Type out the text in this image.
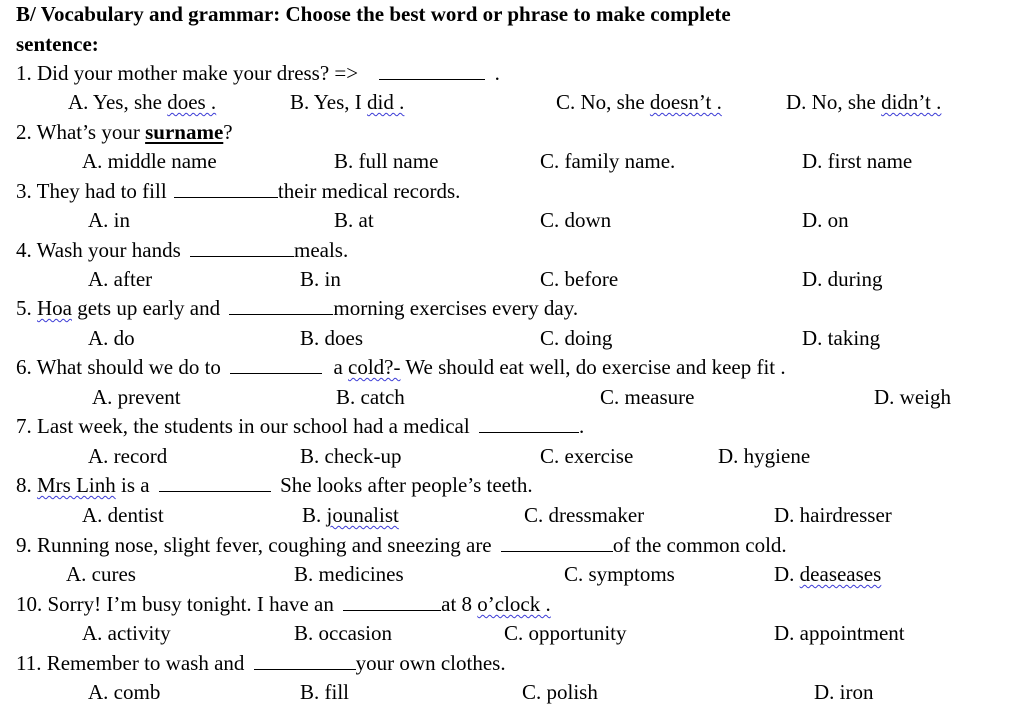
B/ Vocabulary and grammar: Choose the best word or phrase to make complete
sentence:
1. Did your mother make your dress? =>	.
A. Yes, she does .	B. Yes, I did .	C. No, she doesn’t .	D. No, she didn’t .
2. What’s your surname?
A. middle name	B. full name	C. family name.	D. first name
3. They had to fill	their medical records.
A. in	B. at	C. down	D. on
4. Wash your hands	meals.
A. after	B. in	C. before	D. during
5. Hoa gets up early and	morning exercises every day.
A. do	B. does	C. doing	D. taking
6. What should we do to	a cold?- We should eat well, do exercise and keep fit .
A. prevent	B. catch	C. measure	D. weigh
7. Last week, the students in our school had a medical	.
A. record	B. check-up	C. exercise	D. hygiene
8. Mrs Linh is a	She looks after people’s teeth.
A. dentist	B. jounalist	C. dressmaker	D. hairdresser
9. Running nose, slight fever, coughing and sneezing are	of the common cold.
A. cures	B. medicines	C. symptoms	D. deaseases
10. Sorry! I’m busy tonight. I have an	at 8 o’clock .
A. activity	B. occasion	C. opportunity	D. appointment
11. Remember to wash and	your own clothes.
A. comb	B. fill	C. polish	D. iron
